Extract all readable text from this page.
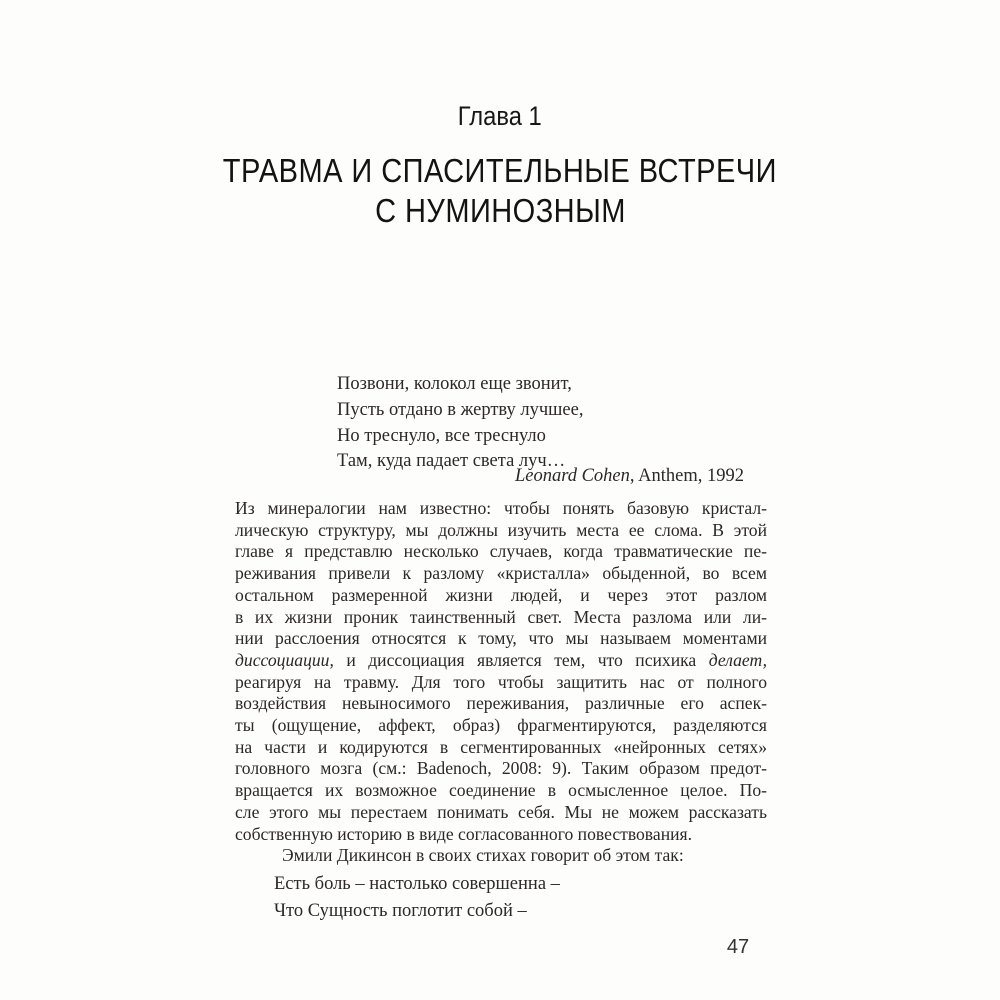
Глава 1
ТРАВМА И СПАСИТЕЛЬНЫЕ ВСТРЕЧИ
С НУМИНОЗНЫМ
Позвони, колокол еще звонит,
Пусть отдано в жертву лучшее,
Но треснуло, все треснуло
Там, куда падает света луч…
Leonard Cohen, Anthem, 1992
Из минералогии нам известно: чтобы понять базовую кристал-
лическую структуру, мы должны изучить места ее слома. В этой
главе я представлю несколько случаев, когда травматические пе-
реживания привели к разлому «кристалла» обыденной, во всем
остальном размеренной жизни людей, и через этот разлом
в их жизни проник таинственный свет. Места разлома или ли-
нии расслоения относятся к тому, что мы называем моментами
диссоциации, и диссоциация является тем, что психика делает,
реагируя на травму. Для того чтобы защитить нас от полного
воздействия невыносимого переживания, различные его аспек-
ты (ощущение, аффект, образ) фрагментируются, разделяются
на части и кодируются в сегментированных «нейронных сетях»
головного мозга (см.: Badenoch, 2008: 9). Таким образом предот-
вращается их возможное соединение в осмысленное целое. По-
сле этого мы перестаем понимать себя. Мы не можем рассказать
собственную историю в виде согласованного повествования.
Эмили Дикинсон в своих стихах говорит об этом так:
Есть боль – настолько совершенна –
Что Сущность поглотит собой –
47
